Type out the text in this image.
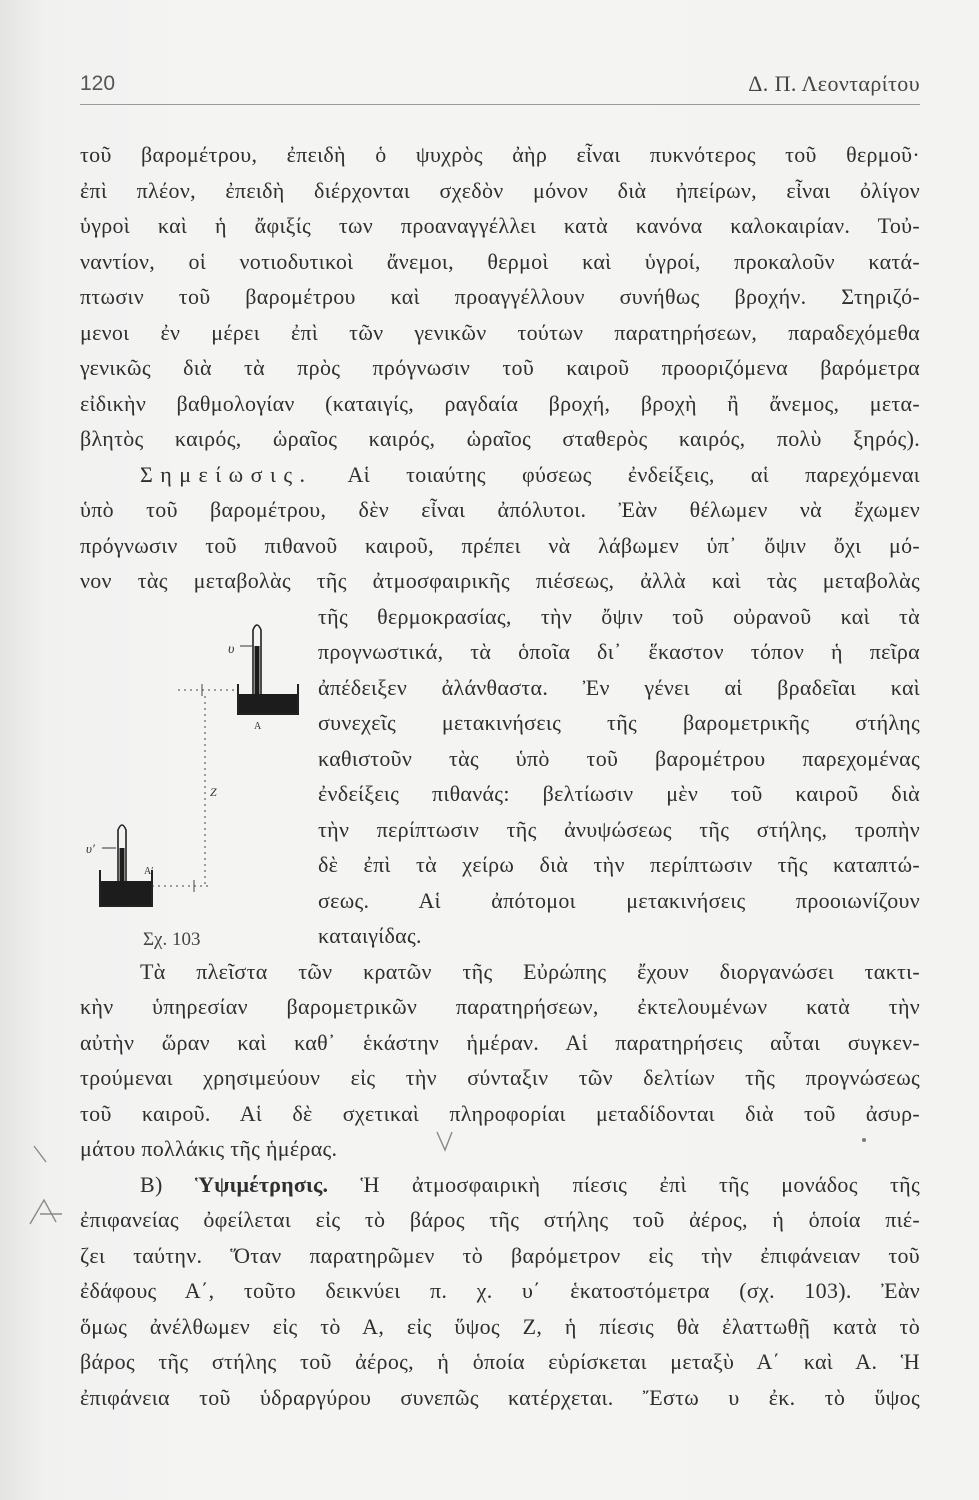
120	Δ. Π. Λεονταρίτου
τοῦ βαρομέτρου, ἐπειδὴ ὁ ψυχρὸς ἀὴρ εἶναι πυκνότερος τοῦ θερμοῦ·
ἐπὶ πλέον, ἐπειδὴ διέρχονται σχεδὸν μόνον διὰ ἠπείρων, εἶναι ὀλίγον
ὑγροὶ καὶ ἡ ἄφιξίς των προαναγγέλλει κατὰ κανόνα καλοκαιρίαν. Τοὐ-
ναντίον, οἱ νοτιοδυτικοὶ ἄνεμοι, θερμοὶ καὶ ὑγροί, προκαλοῦν κατά-
πτωσιν τοῦ βαρομέτρου καὶ προαγγέλλουν συνήθως βροχήν. Στηριζό-
μενοι ἐν μέρει ἐπὶ τῶν γενικῶν τούτων παρατηρήσεων, παραδεχόμεθα
γενικῶς διὰ τὰ πρὸς πρόγνωσιν τοῦ καιροῦ προοριζόμενα βαρόμετρα
εἰδικὴν βαθμολογίαν (καταιγίς, ραγδαία βροχή, βροχὴ ἢ ἄνεμος, μετα-
βλητὸς καιρός, ὡραῖος καιρός, ὡραῖος σταθερὸς καιρός, πολὺ ξηρός).
Σημείωσις. Αἱ τοιαύτης φύσεως ἐνδείξεις, αἱ παρεχόμεναι
ὑπὸ τοῦ βαρομέτρου, δὲν εἶναι ἀπόλυτοι. Ἐὰν θέλωμεν νὰ ἔχωμεν
πρόγνωσιν τοῦ πιθανοῦ καιροῦ, πρέπει νὰ λάβωμεν ὑπ᾿ ὄψιν ὄχι μό-
νον τὰς μεταβολὰς τῆς ἀτμοσφαιρικῆς πιέσεως, ἀλλὰ καὶ τὰς μεταβολὰς
τῆς θερμοκρασίας, τὴν ὄψιν τοῦ οὐρανοῦ καὶ τὰ
προγνωστικά, τὰ ὁποῖα δι᾿ ἕκαστον τόπον ἡ πεῖρα
ἀπέδειξεν ἀλάνθαστα. Ἐν γένει αἱ βραδεῖαι καὶ
συνεχεῖς μετακινήσεις τῆς βαρομετρικῆς στήλης
καθιστοῦν τὰς ὑπὸ τοῦ βαρομέτρου παρεχομένας
ἐνδείξεις πιθανάς: βελτίωσιν μὲν τοῦ καιροῦ διὰ
τὴν περίπτωσιν τῆς ἀνυψώσεως τῆς στήλης, τροπὴν
δὲ ἐπὶ τὰ χείρω διὰ τὴν περίπτωσιν τῆς καταπτώ-
σεως. Αἱ ἀπότομοι μετακινήσεις προοιωνίζουν
καταιγίδας.
Τὰ πλεῖστα τῶν κρατῶν τῆς Εὐρώπης ἔχουν διοργανώσει τακτι-
κὴν ὑπηρεσίαν βαρομετρικῶν παρατηρήσεων, ἐκτελουμένων κατὰ τὴν
αὐτὴν ὥραν καὶ καθ᾿ ἑκάστην ἡμέραν. Αἱ παρατηρήσεις αὗται συγκεν-
τρούμεναι χρησιμεύουν εἰς τὴν σύνταξιν τῶν δελτίων τῆς προγνώσεως
τοῦ καιροῦ. Αἱ δὲ σχετικαὶ πληροφορίαι μεταδίδονται διὰ τοῦ ἀσυρ-
μάτου πολλάκις τῆς ἡμέρας.
Β) Ὑψιμέτρησις. Ἡ ἀτμοσφαιρικὴ πίεσις ἐπὶ τῆς μονάδος τῆς
ἐπιφανείας ὀφείλεται εἰς τὸ βάρος τῆς στήλης τοῦ ἀέρος, ἡ ὁποία πιέ-
ζει ταύτην. Ὅταν παρατηρῶμεν τὸ βαρόμετρον εἰς τὴν ἐπιφάνειαν τοῦ
ἐδάφους Α΄, τοῦτο δεικνύει π. χ. υ΄ ἑκατοστόμετρα (σχ. 103). Ἐὰν
ὅμως ἀνέλθωμεν εἰς τὸ Α, εἰς ὕψος Ζ, ἡ πίεσις θὰ ἐλαττωθῇ κατὰ τὸ
βάρος τῆς στήλης τοῦ ἀέρος, ἡ ὁποία εὑρίσκεται μεταξὺ Α΄ καὶ Α. Ἡ
ἐπιφάνεια τοῦ ὑδραργύρου συνεπῶς κατέρχεται. Ἔστω υ ἐκ. τὸ ὕψος
υ
Α
Ζ
υ′
Α′
Σχ. 103
